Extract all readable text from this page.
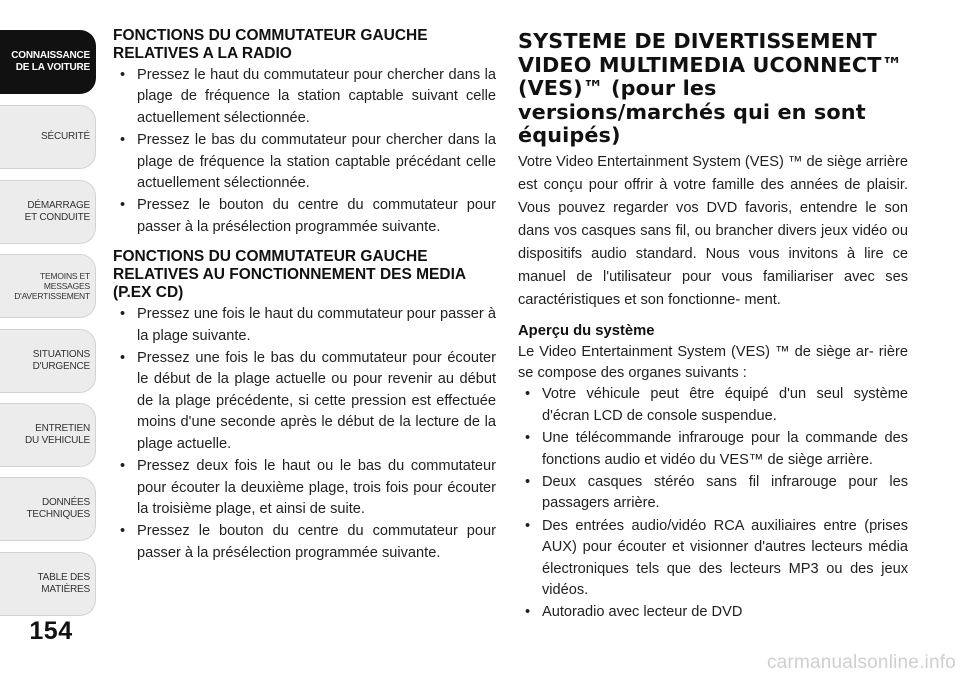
CONNAISSANCE
DE LA VOITURE
SÉCURITÉ
DÉMARRAGE
ET CONDUITE
TEMOINS ET
MESSAGES
D'AVERTISSEMENT
SITUATIONS
D'URGENCE
ENTRETIEN
DU VEHICULE
DONNÉES
TECHNIQUES
TABLE DES
MATIÈRES
154
FONCTIONS DU COMMUTATEUR GAUCHE RELATIVES A LA RADIO
• Pressez le haut du commutateur pour chercher dans la plage de fréquence la station captable suivant celle actuellement sélectionnée.
• Pressez le bas du commutateur pour chercher dans la plage de fréquence la station captable précédant celle actuellement sélectionnée.
• Pressez le bouton du centre du commutateur pour passer à la présélection programmée suivante.
FONCTIONS DU COMMUTATEUR GAUCHE RELATIVES AU FONCTIONNEMENT DES MEDIA (P.EX CD)
• Pressez une fois le haut du commutateur pour passer à la plage suivante.
• Pressez une fois le bas du commutateur pour écouter le début de la plage actuelle ou pour revenir au début de la plage précédente, si cette pression est effectuée moins d'une seconde après le début de la lecture de la plage actuelle.
• Pressez deux fois le haut ou le bas du commutateur pour écouter la deuxième plage, trois fois pour écouter la troisième plage, et ainsi de suite.
• Pressez le bouton du centre du commutateur pour passer à la présélection programmée suivante.
SYSTEME DE DIVERTISSEMENT VIDEO MULTIMEDIA UCONNECT™ (VES)™ (pour les versions/marchés qui en sont équipés)

Votre Video Entertainment System (VES) ™ de siège arrière est conçu pour offrir à votre famille des années de plaisir. Vous pouvez regarder vos DVD favoris, entendre le son dans vos casques sans fil, ou brancher divers jeux vidéo ou dispositifs audio standard. Nous vous invitons à lire ce manuel de l'utilisateur pour vous familiariser avec ses caractéristiques et son fonctionne- ment.

Aperçu du système

Le Video Entertainment System (VES) ™ de siège ar- rière se compose des organes suivants :

• Votre véhicule peut être équipé d'un seul système d'écran LCD de console suspendue.
• Une télécommande infrarouge pour la commande des fonctions audio et vidéo du VES™ de siège arrière.
• Deux casques stéréo sans fil infrarouge pour les passagers arrière.
• Des entrées audio/vidéo RCA auxiliaires entre (prises AUX) pour écouter et visionner d'autres lecteurs média électroniques tels que des lecteurs MP3 ou des jeux vidéos.
• Autoradio avec lecteur de DVD
carmanualsonline.info
